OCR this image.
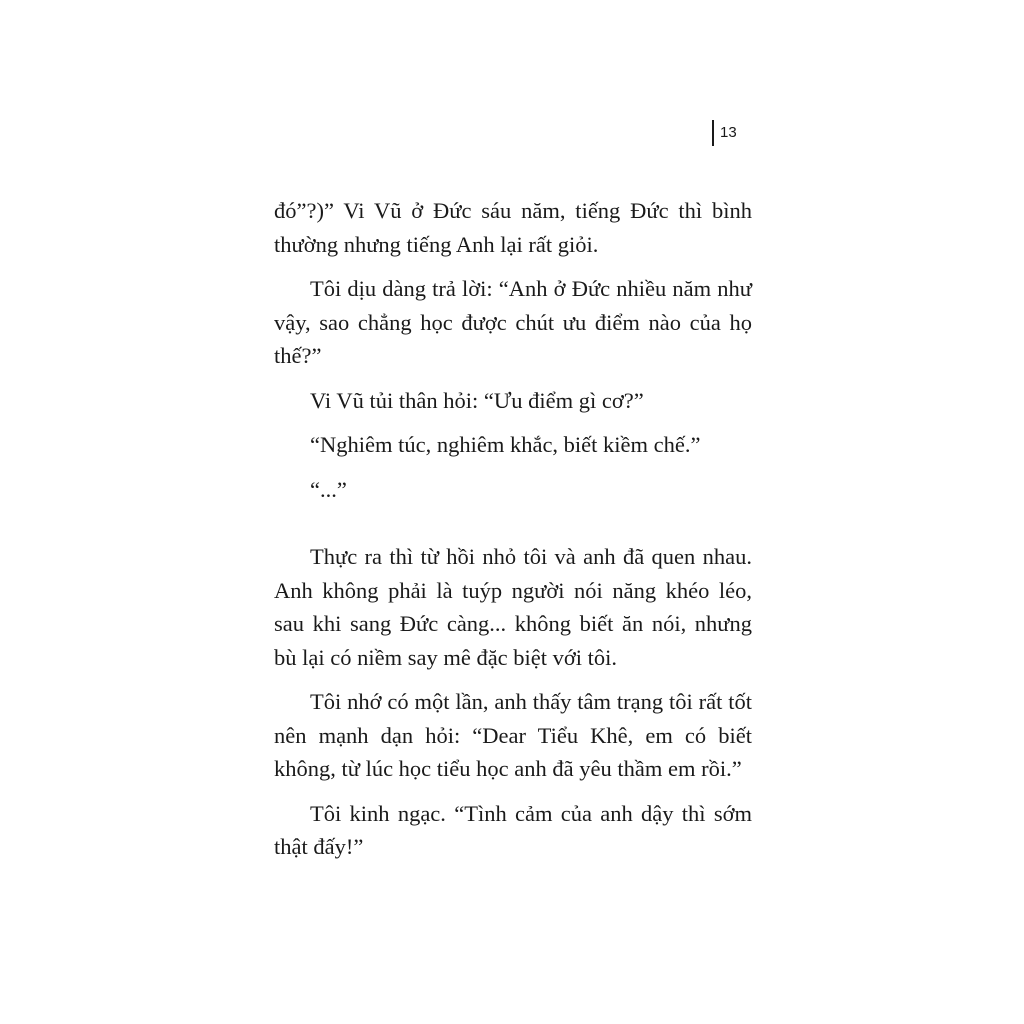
13

đó”?)” Vi Vũ ở Đức sáu năm, tiếng Đức thì bình thường nhưng tiếng Anh lại rất giỏi.

Tôi dịu dàng trả lời: “Anh ở Đức nhiều năm như vậy, sao chẳng học được chút ưu điểm nào của họ thế?”

Vi Vũ tủi thân hỏi: “Ưu điểm gì cơ?”

“Nghiêm túc, nghiêm khắc, biết kiềm chế.”

“...”

Thực ra thì từ hồi nhỏ tôi và anh đã quen nhau. Anh không phải là tuýp người nói năng khéo léo, sau khi sang Đức càng... không biết ăn nói, nhưng bù lại có niềm say mê đặc biệt với tôi.

Tôi nhớ có một lần, anh thấy tâm trạng tôi rất tốt nên mạnh dạn hỏi: “Dear Tiểu Khê, em có biết không, từ lúc học tiểu học anh đã yêu thầm em rồi.”

Tôi kinh ngạc. “Tình cảm của anh dậy thì sớm thật đấy!”
